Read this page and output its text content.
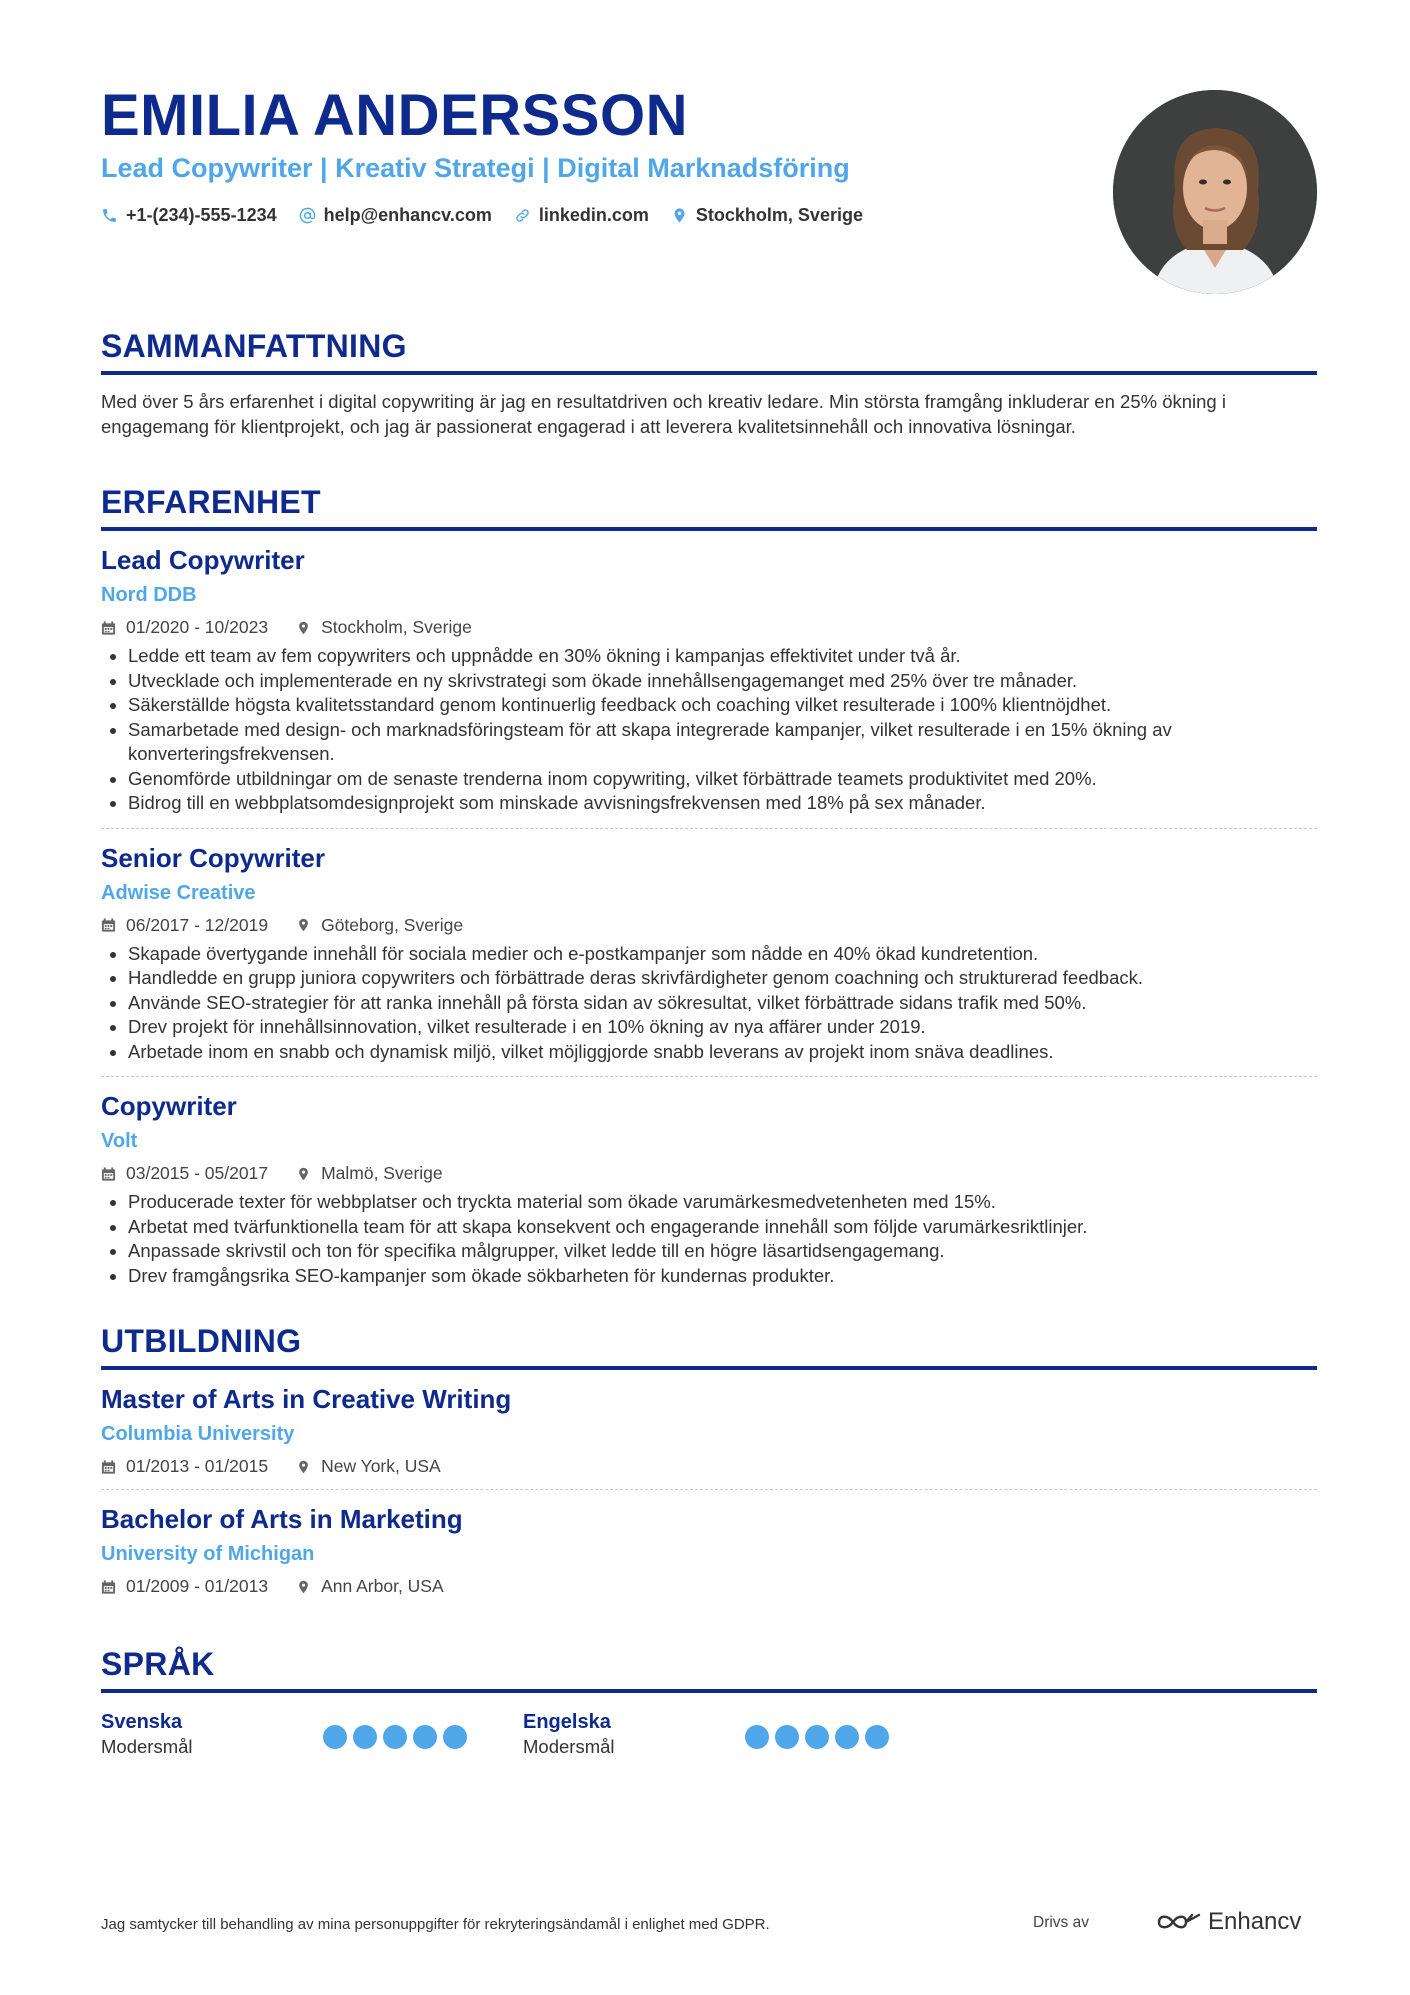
EMILIA ANDERSSON
Lead Copywriter | Kreativ Strategi | Digital Marknadsföring
+1-(234)-555-1234	help@enhancv.com	linkedin.com	Stockholm, Sverige
SAMMANFATTNING
Med över 5 års erfarenhet i digital copywriting är jag en resultatdriven och kreativ ledare. Min största framgång inkluderar en 25% ökning i engagemang för klientprojekt, och jag är passionerat engagerad i att leverera kvalitetsinnehåll och innovativa lösningar.
ERFARENHET
Lead Copywriter
Nord DDB
01/2020 - 10/2023	Stockholm, Sverige
• Ledde ett team av fem copywriters och uppnådde en 30% ökning i kampanjas effektivitet under två år.
• Utvecklade och implementerade en ny skrivstrategi som ökade innehållsengagemanget med 25% över tre månader.
• Säkerställde högsta kvalitetsstandard genom kontinuerlig feedback och coaching vilket resulterade i 100% klientnöjdhet.
• Samarbetade med design- och marknadsföringsteam för att skapa integrerade kampanjer, vilket resulterade i en 15% ökning av konverteringsfrekvensen.
• Genomförde utbildningar om de senaste trenderna inom copywriting, vilket förbättrade teamets produktivitet med 20%.
• Bidrog till en webbplatsomdesignprojekt som minskade avvisningsfrekvensen med 18% på sex månader.
Senior Copywriter
Adwise Creative
06/2017 - 12/2019	Göteborg, Sverige
• Skapade övertygande innehåll för sociala medier och e-postkampanjer som nådde en 40% ökad kundretention.
• Handledde en grupp juniora copywriters och förbättrade deras skrivfärdigheter genom coachning och strukturerad feedback.
• Använde SEO-strategier för att ranka innehåll på första sidan av sökresultat, vilket förbättrade sidans trafik med 50%.
• Drev projekt för innehållsinnovation, vilket resulterade i en 10% ökning av nya affärer under 2019.
• Arbetade inom en snabb och dynamisk miljö, vilket möjliggjorde snabb leverans av projekt inom snäva deadlines.
Copywriter
Volt
03/2015 - 05/2017	Malmö, Sverige
• Producerade texter för webbplatser och tryckta material som ökade varumärkesmedvetenheten med 15%.
• Arbetat med tvärfunktionella team för att skapa konsekvent och engagerande innehåll som följde varumärkesriktlinjer.
• Anpassade skrivstil och ton för specifika målgrupper, vilket ledde till en högre läsartidsengagemang.
• Drev framgångsrika SEO-kampanjer som ökade sökbarheten för kundernas produkter.
UTBILDNING
Master of Arts in Creative Writing
Columbia University
01/2013 - 01/2015	New York, USA
Bachelor of Arts in Marketing
University of Michigan
01/2009 - 01/2013	Ann Arbor, USA
SPRÅK
Svenska
Modersmål
Engelska
Modersmål
Jag samtycker till behandling av mina personuppgifter för rekryteringsändamål i enlighet med GDPR.	Drivs av	Enhancv
